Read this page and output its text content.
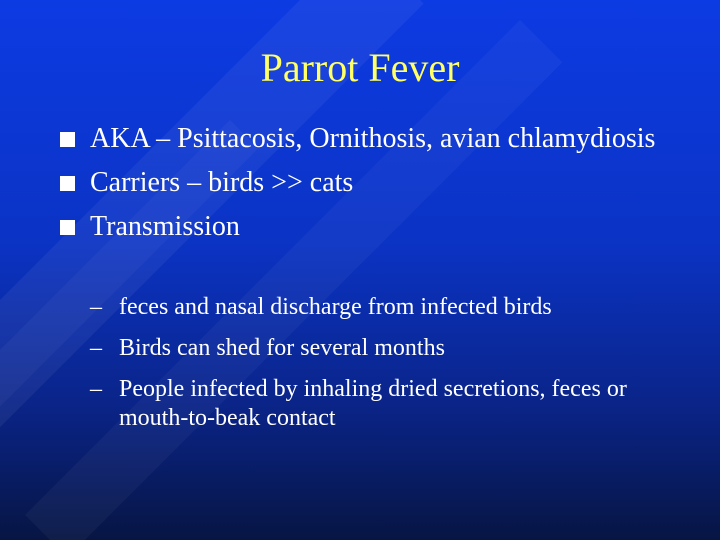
Parrot Fever
AKA – Psittacosis, Ornithosis, avian chlamydiosis
Carriers – birds >> cats
Transmission
– feces and nasal discharge from infected birds
– Birds can shed for several months
– People infected by inhaling dried secretions, feces or mouth-to-beak contact
